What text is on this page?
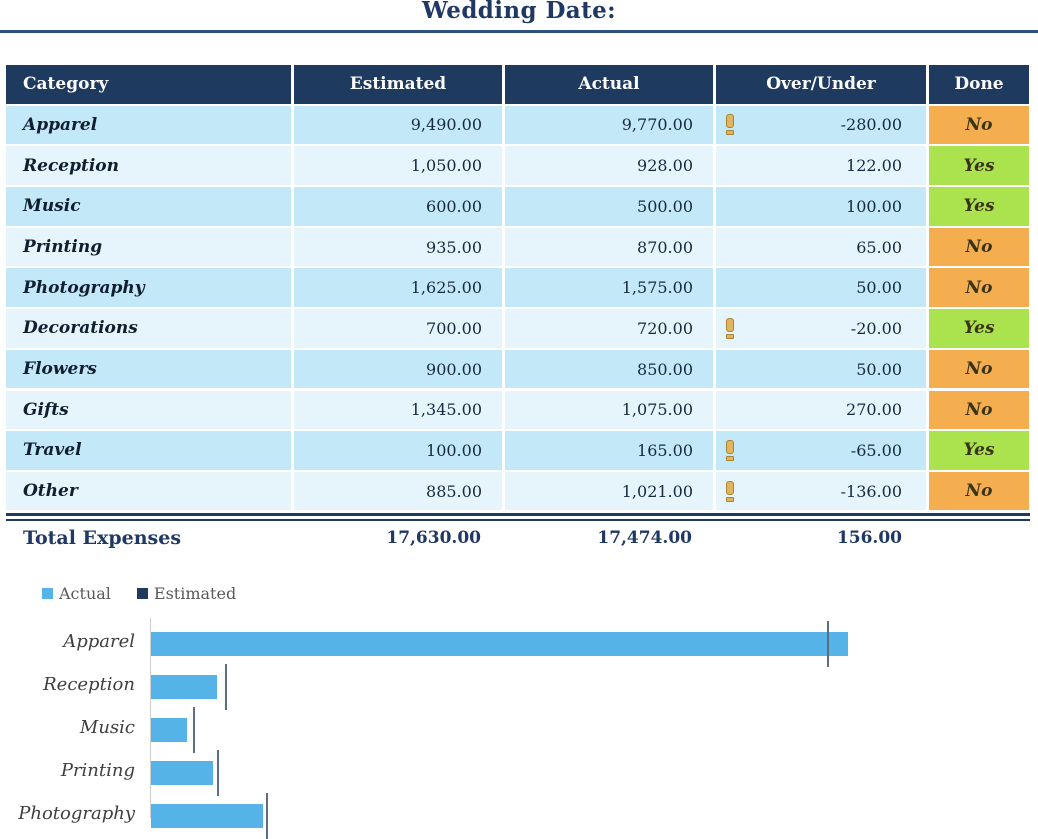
Wedding Date:
Category	Estimated	Actual	Over/Under	Done
Apparel	9,490.00	9,770.00	-280.00	No
Reception	1,050.00	928.00	122.00	Yes
Music	600.00	500.00	100.00	Yes
Printing	935.00	870.00	65.00	No
Photography	1,625.00	1,575.00	50.00	No
Decorations	700.00	720.00	-20.00	Yes
Flowers	900.00	850.00	50.00	No
Gifts	1,345.00	1,075.00	270.00	No
Travel	100.00	165.00	-65.00	Yes
Other	885.00	1,021.00	-136.00	No
Total Expenses	17,630.00	17,474.00	156.00
Actual	Estimated
Apparel
Reception
Music
Printing
Photography
